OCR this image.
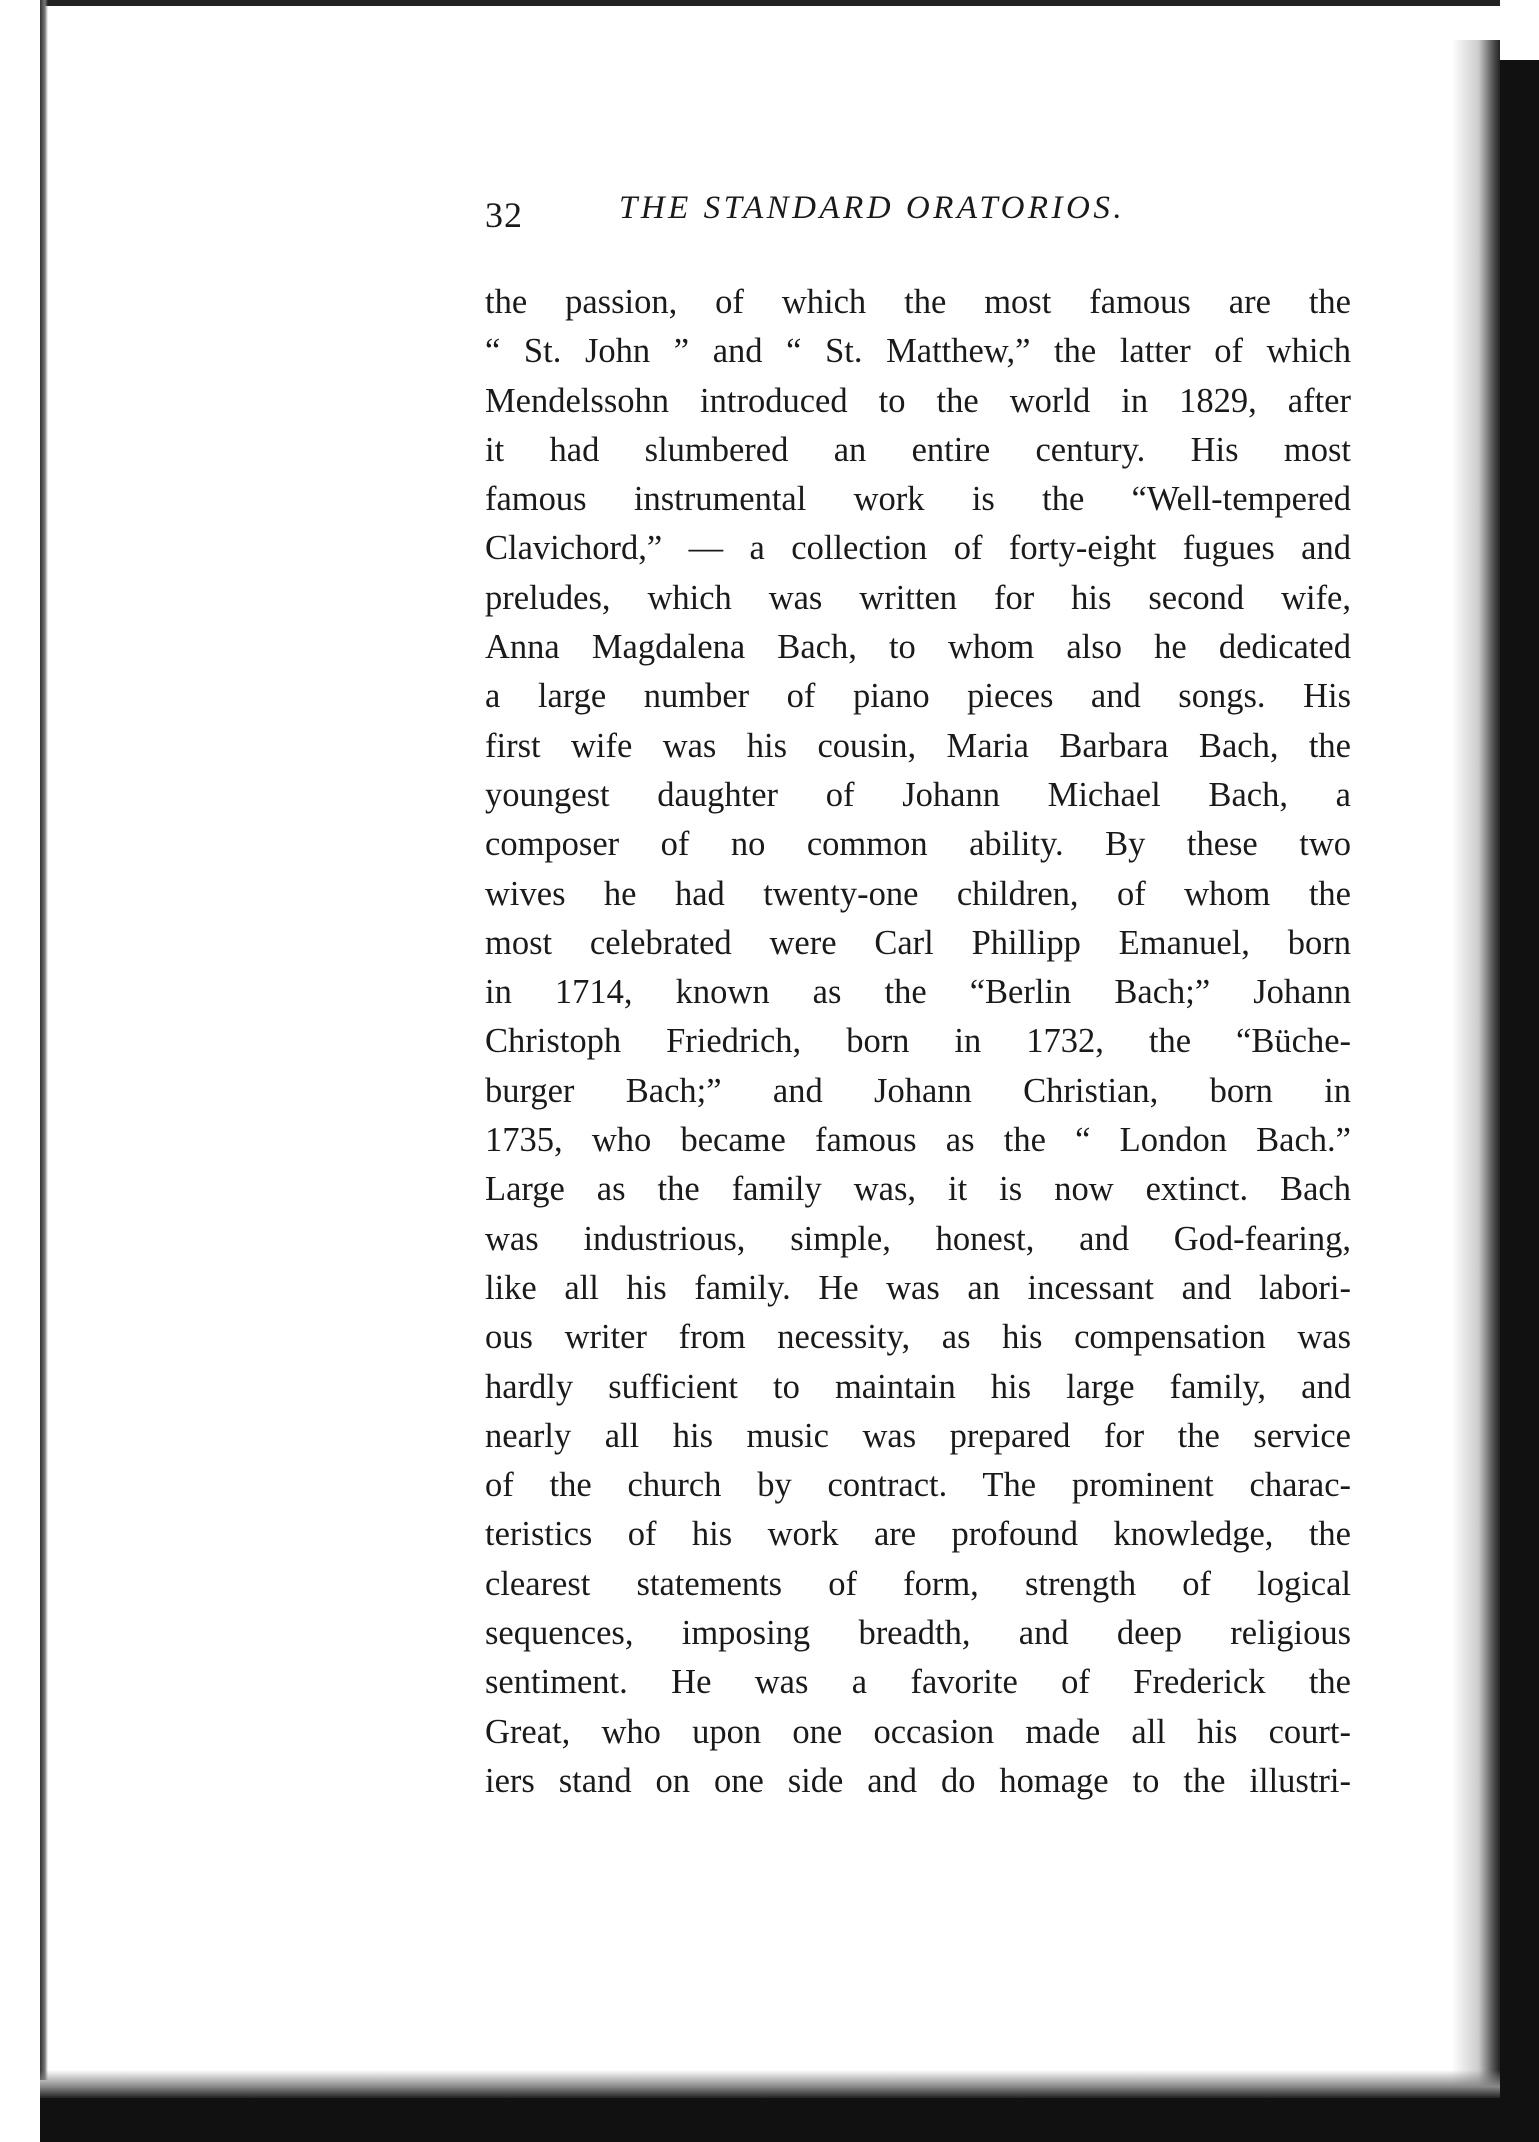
32	THE STANDARD ORATORIOS.
the passion, of which the most famous are the
“ St. John ” and “ St. Matthew,” the latter of which
Mendelssohn introduced to the world in 1829, after
it had slumbered an entire century. His most
famous instrumental work is the “Well-tempered
Clavichord,” — a collection of forty-eight fugues and
preludes, which was written for his second wife,
Anna Magdalena Bach, to whom also he dedicated
a large number of piano pieces and songs. His
first wife was his cousin, Maria Barbara Bach, the
youngest daughter of Johann Michael Bach, a
composer of no common ability. By these two
wives he had twenty-one children, of whom the
most celebrated were Carl Phillipp Emanuel, born
in 1714, known as the “Berlin Bach;” Johann
Christoph Friedrich, born in 1732, the “Büche-
burger Bach;” and Johann Christian, born in
1735, who became famous as the “ London Bach.”
Large as the family was, it is now extinct. Bach
was industrious, simple, honest, and God-fearing,
like all his family. He was an incessant and labori-
ous writer from necessity, as his compensation was
hardly sufficient to maintain his large family, and
nearly all his music was prepared for the service
of the church by contract. The prominent charac-
teristics of his work are profound knowledge, the
clearest statements of form, strength of logical
sequences, imposing breadth, and deep religious
sentiment. He was a favorite of Frederick the
Great, who upon one occasion made all his court-
iers stand on one side and do homage to the illustri-
